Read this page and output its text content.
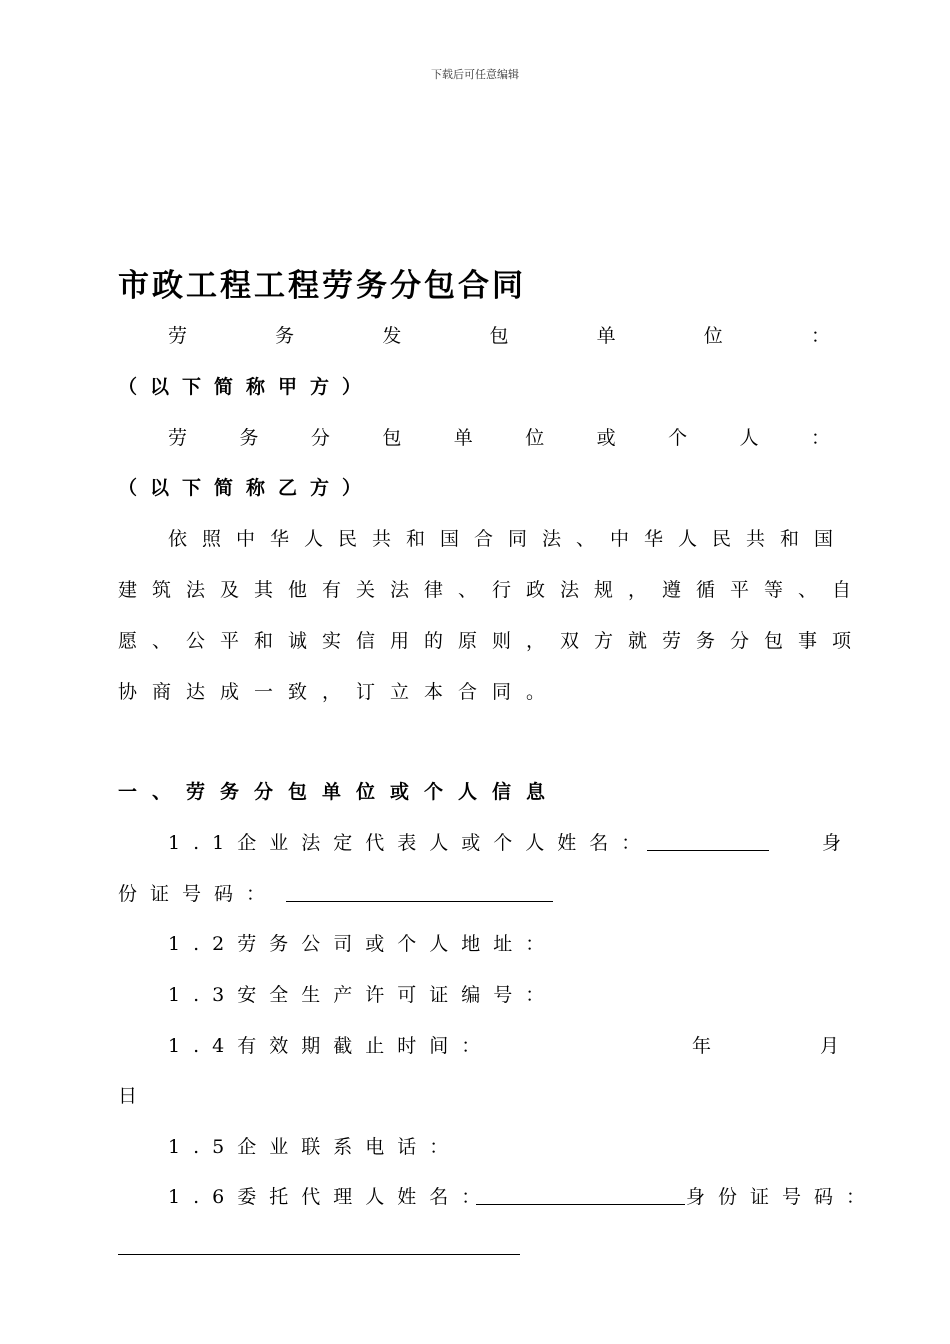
下载后可任意编辑
市政工程工程劳务分包合同
劳	务	发	包	单	位	：
（以下简称甲方）
劳	务	分	包	单	位	或	个	人	：
（以下简称乙方）
依照中华人民共和国合同法、中华人民共和国
建筑法及其他有关法律、行政法规，遵循平等、自
愿、公平和诚实信用的原则，双方就劳务分包事项
协商达成一致，订立本合同。
一、劳务分包单位或个人信息
1.1企业法定代表人或个人姓名：	身
份证号码：
1.2劳务公司或个人地址：
1.3安全生产许可证编号：
1.4有效期截止时间：	年	月
日
1.5企业联系电话：
1.6委托代理人姓名：	身份证号码：
